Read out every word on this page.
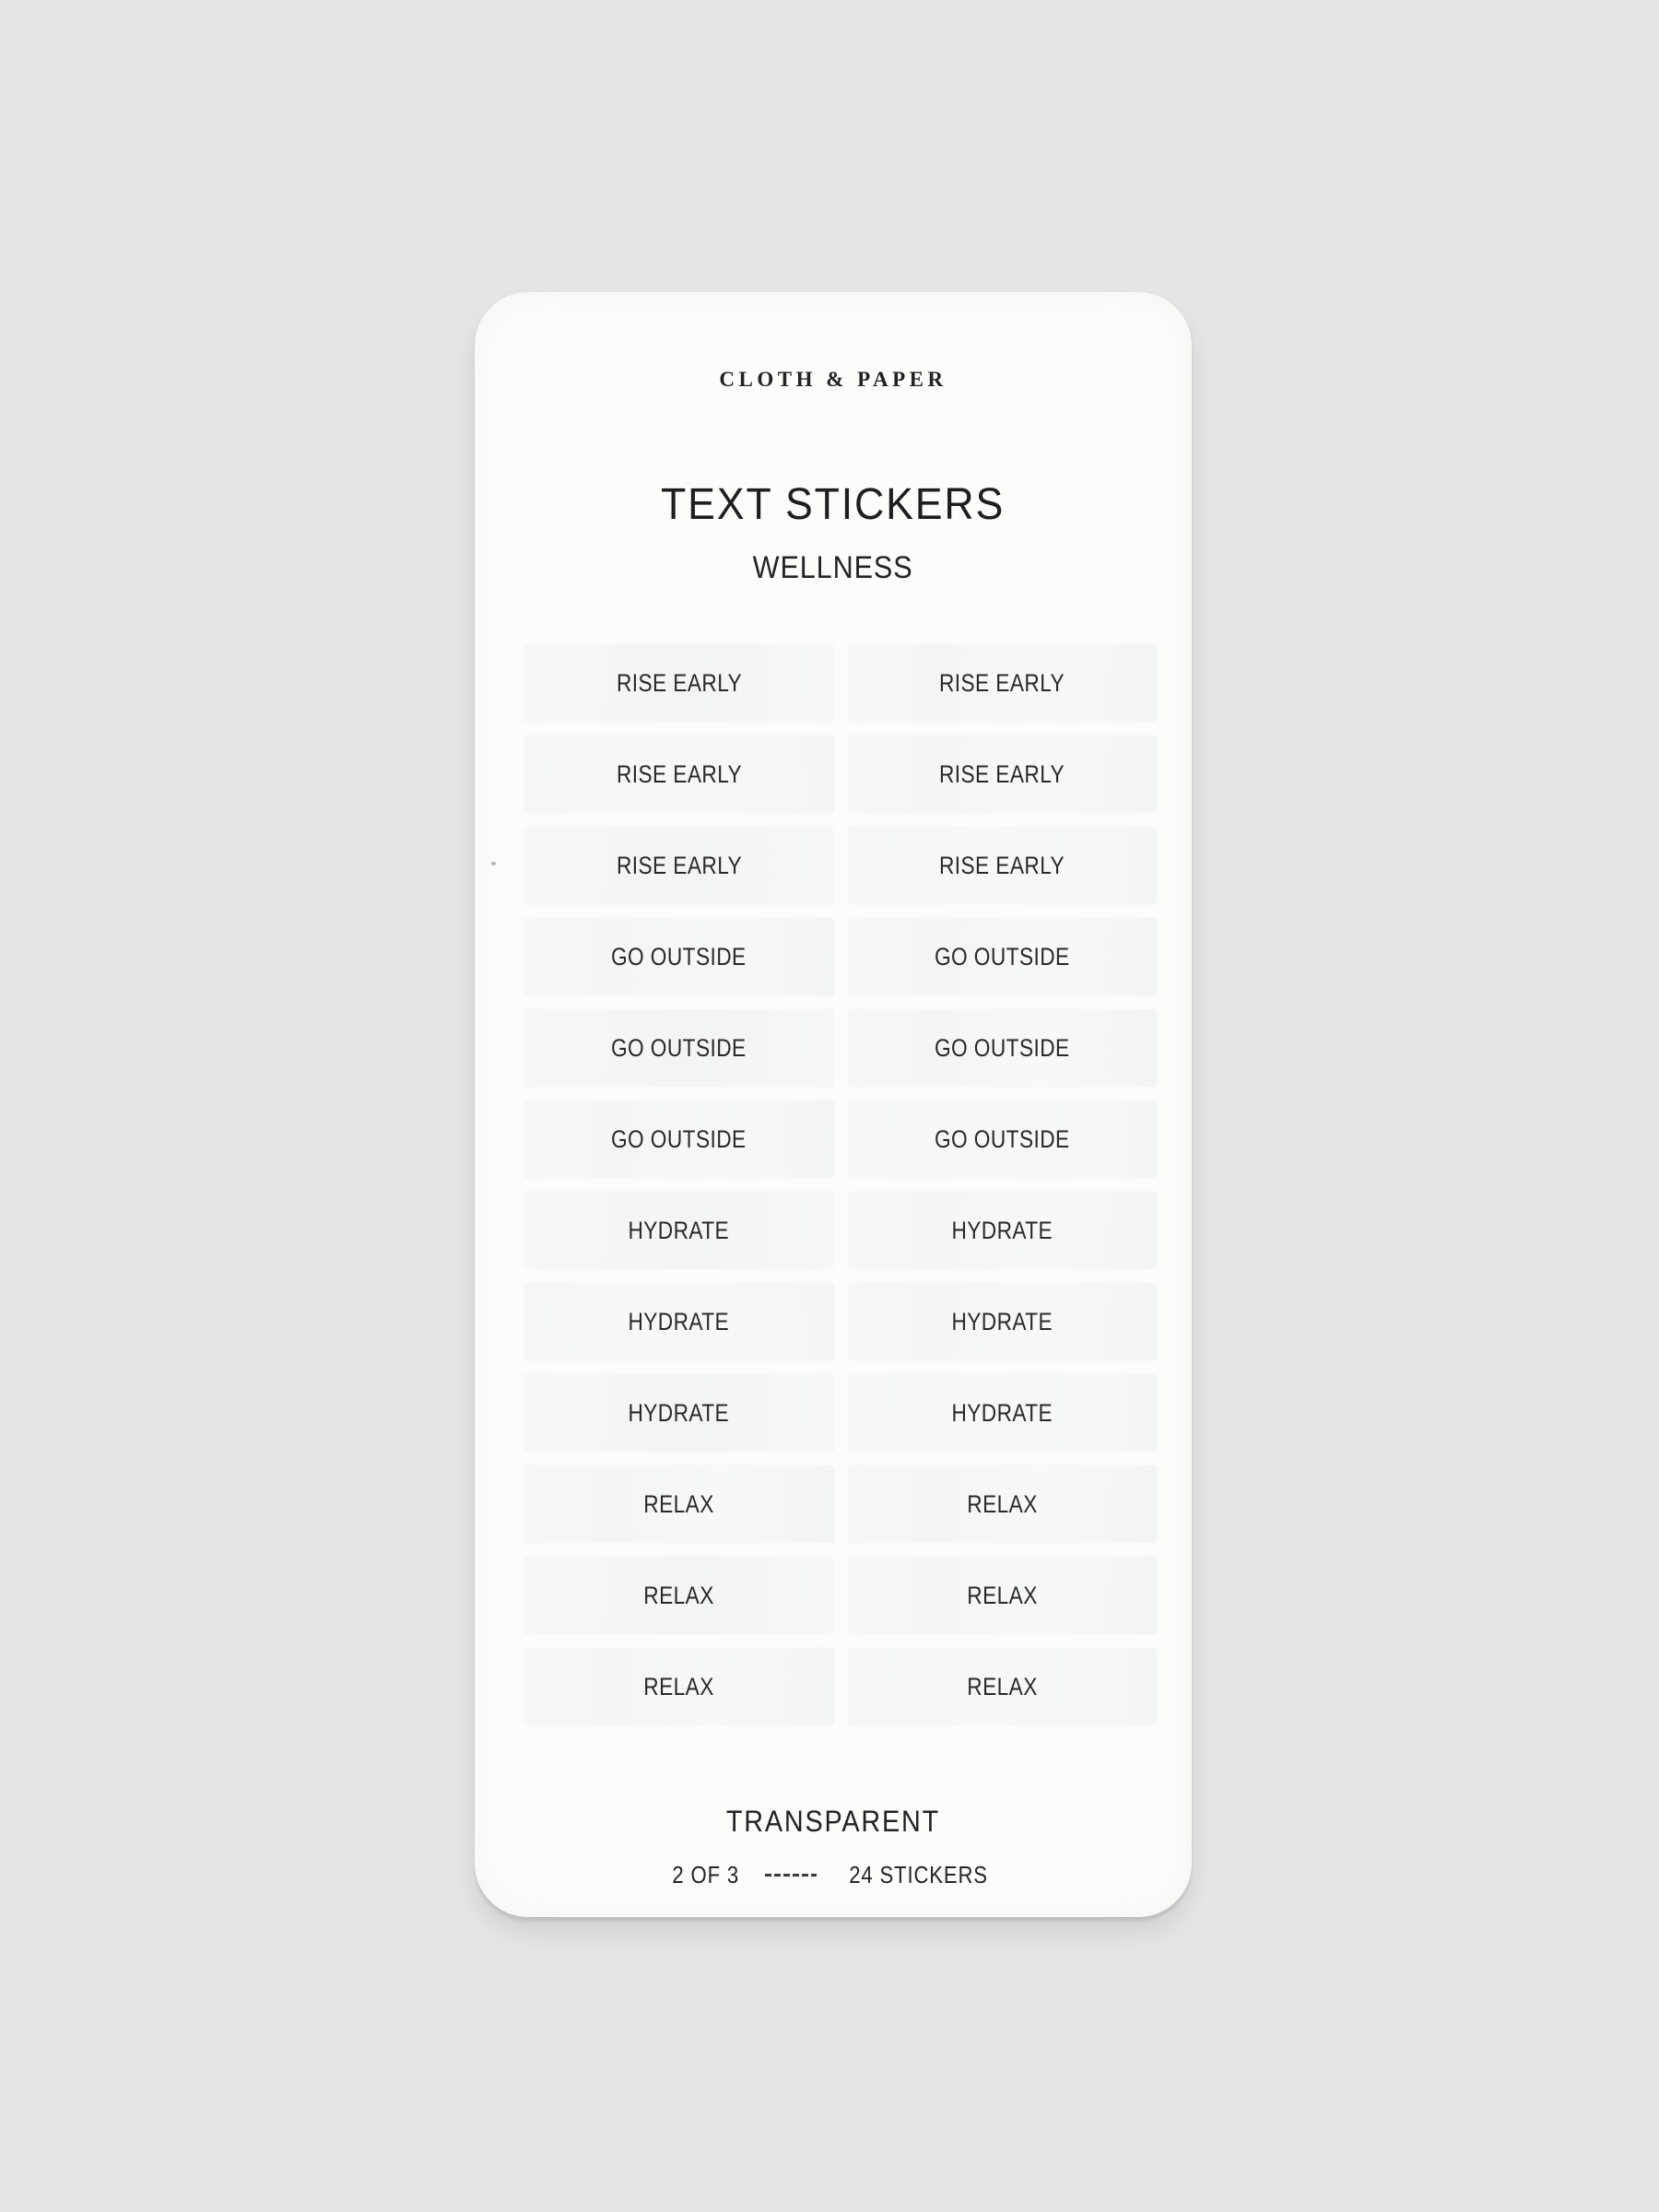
CLOTH & PAPER
TEXT STICKERS
WELLNESS
RISE EARLY	RISE EARLY
RISE EARLY	RISE EARLY
RISE EARLY	RISE EARLY
GO OUTSIDE	GO OUTSIDE
GO OUTSIDE	GO OUTSIDE
GO OUTSIDE	GO OUTSIDE
HYDRATE	HYDRATE
HYDRATE	HYDRATE
HYDRATE	HYDRATE
RELAX	RELAX
RELAX	RELAX
RELAX	RELAX
TRANSPARENT
2 OF 3	24 STICKERS
